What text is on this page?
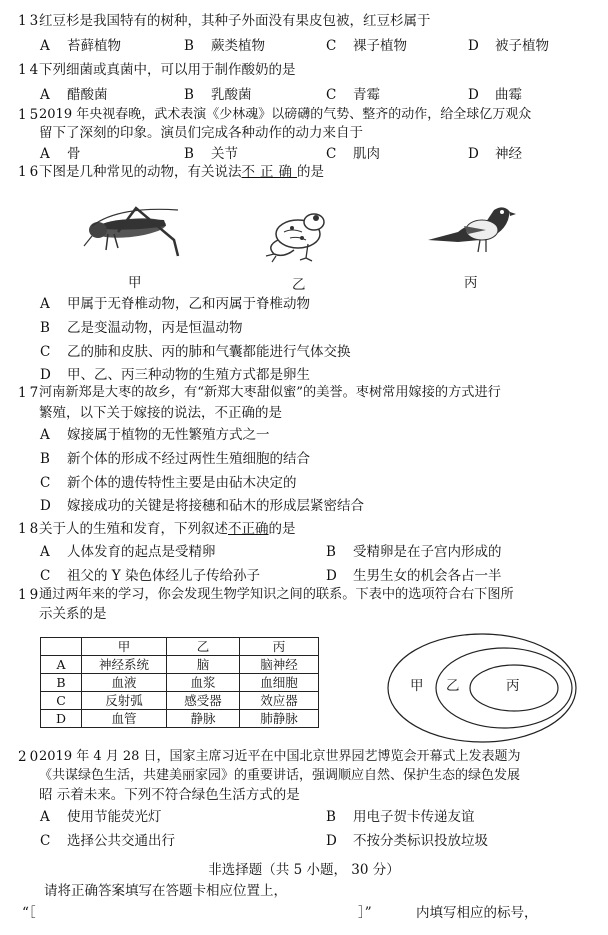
13
红豆杉是我国特有的树种，其种子外面没有果皮包被，红豆杉属于
A 苔藓植物	B 蕨类植物	C 裸子植物	D 被子植物
14
下列细菌或真菌中，可以用于制作酸奶的是
A 醋酸菌	B 乳酸菌	C 青霉	D 曲霉
15
2019 年央视春晚，武术表演《少林魂》以磅礴的气势、整齐的动作，给全球亿万观众
留下了深刻的印象。演员们完成各种动作的动力来自于
A 骨	B 关节	C 肌肉	D 神经
16
下图是几种常见的动物，有关说法不正确的是
甲	乙	丙
A 甲属于无脊椎动物，乙和丙属于脊椎动物
B 乙是变温动物，丙是恒温动物
C 乙的肺和皮肤、丙的肺和气囊都能进行气体交换
D 甲、乙、丙三种动物的生殖方式都是卵生
17
河南新郑是大枣的故乡，有“新郑大枣甜似蜜”的美誉。枣树常用嫁接的方式进行
繁殖，以下关于嫁接的说法，不正确的是
A 嫁接属于植物的无性繁殖方式之一
B 新个体的形成不经过两性生殖细胞的结合
C 新个体的遗传特性主要是由砧木决定的
D 嫁接成功的关键是将接穗和砧木的形成层紧密结合
18
关于人的生殖和发育，下列叙述不正确的是
A 人体发育的起点是受精卵	B 受精卵是在子宫内形成的
C 祖父的 Y 染色体经儿子传给孙子	D 生男生女的机会各占一半
19
通过两年来的学习，你会发现生物学知识之间的联系。下表中的选项符合右下图所
示关系的是
	甲	乙	丙
A	神经系统	脑	脑神经
B	血液	血浆	血细胞
C	反射弧	感受器	效应器
D	血管	静脉	肺静脉
甲 乙	丙
20
2019 年 4 月 28 日，国家主席习近平在中国北京世界园艺博览会开幕式上发表题为
《共谋绿色生活，共建美丽家园》的重要讲话，强调顺应自然、保护生态的绿色发展
昭 示着未来。下列不符合绿色生活方式的是
A 使用节能荧光灯	B 用电子贺卡传递友谊
C 选择公共交通出行	D 不按分类标识投放垃圾
非选择题（共 5 小题， 30 分）
请将正确答案填写在答题卡相应位置上，
“［	］”	内填写相应的标号，
